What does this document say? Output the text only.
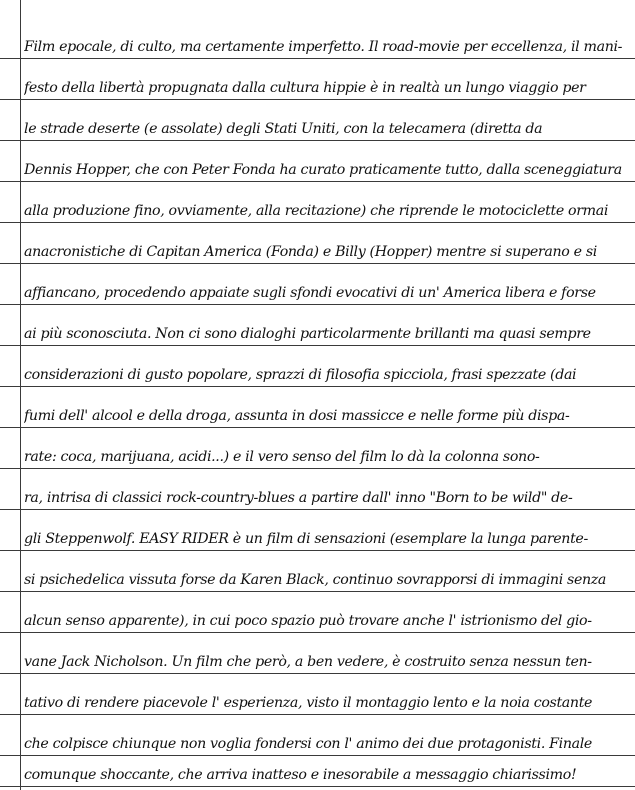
Film epocale, di culto, ma certamente imperfetto. Il road-movie per eccellenza, il mani-
festo della libertà propugnata dalla cultura hippie è in realtà un lungo viaggio per
le strade deserte (e assolate) degli Stati Uniti, con la telecamera (diretta da
Dennis Hopper, che con Peter Fonda ha curato praticamente tutto, dalla sceneggiatura
alla produzione fino, ovviamente, alla recitazione) che riprende le motociclette ormai
anacronistiche di Capitan America (Fonda) e Billy (Hopper) mentre si superano e si
affiancano, procedendo appaiate sugli sfondi evocativi di un' America libera e forse
ai più sconosciuta. Non ci sono dialoghi particolarmente brillanti ma quasi sempre
considerazioni di gusto popolare, sprazzi di filosofia spicciola, frasi spezzate (dai
fumi dell' alcool e della droga, assunta in dosi massicce e nelle forme più dispa-
rate: coca, marijuana, acidi...) e il vero senso del film lo dà la colonna sono-
ra, intrisa di classici rock-country-blues a partire dall' inno "Born to be wild" de-
gli Steppenwolf. EASY RIDER è un film di sensazioni (esemplare la lunga parente-
si psichedelica vissuta forse da Karen Black, continuo sovrapporsi di immagini senza
alcun senso apparente), in cui poco spazio può trovare anche l' istrionismo del gio-
vane Jack Nicholson. Un film che però, a ben vedere, è costruito senza nessun ten-
tativo di rendere piacevole l' esperienza, visto il montaggio lento e la noia costante
che colpisce chiunque non voglia fondersi con l' animo dei due protagonisti. Finale
comunque shoccante, che arriva inatteso e inesorabile a messaggio chiarissimo!
